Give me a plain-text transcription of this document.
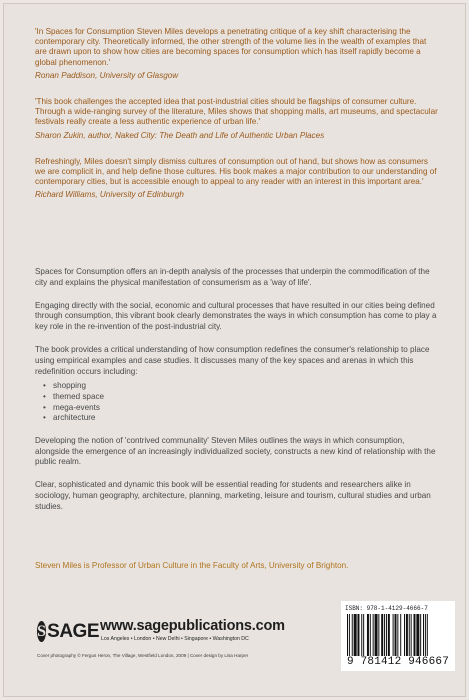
'In Spaces for Consumption Steven Miles develops a penetrating critique of a key shift characterising the contemporary city. Theoretically informed, the other strength of the volume lies in the wealth of examples that are drawn upon to show how cities are becoming spaces for consumption which has itself rapidly become a global phenomenon.'

Ronan Paddison, University of Glasgow

'This book challenges the accepted idea that post-industrial cities should be flagships of consumer culture. Through a wide-ranging survey of the literature, Miles shows that shopping malls, art museums, and spectacular festivals really create a less authentic experience of urban life.'

Sharon Zukin, author, Naked City: The Death and Life of Authentic Urban Places

Refreshingly, Miles doesn't simply dismiss cultures of consumption out of hand, but shows how as consumers we are complicit in, and help define those cultures. His book makes a major contribution to our understanding of contemporary cities, but is accessible enough to appeal to any reader with an interest in this important area.'

Richard Williams, University of Edinburgh

Spaces for Consumption offers an in-depth analysis of the processes that underpin the commodification of the city and explains the physical manifestation of consumerism as a 'way of life'.

Engaging directly with the social, economic and cultural processes that have resulted in our cities being defined through consumption, this vibrant book clearly demonstrates the ways in which consumption has come to play a key role in the re-invention of the post-industrial city.

The book provides a critical understanding of how consumption redefines the consumer's relationship to place using empirical examples and case studies. It discusses many of the key spaces and arenas in which this redefinition occurs including:

• shopping
• themed space
• mega-events
• architecture

Developing the notion of 'contrived communality' Steven Miles outlines the ways in which consumption, alongside the emergence of an increasingly individualized society, constructs a new kind of relationship with the public realm.

Clear, sophisticated and dynamic this book will be essential reading for students and researchers alike in sociology, human geography, architecture, planning, marketing, leisure and tourism, cultural studies and urban studies.

Steven Miles is Professor of Urban Culture in the Faculty of Arts, University of Brighton.
S SAGE www.sagepublications.com
Los Angeles • London • New Delhi • Singapore • Washington DC
Cover photography © Fergus Heron, The Village, Westfield London, 2009 | Cover design by Lisa Harper
ISBN: 978-1-4129-4666-7
9 781412 946667
